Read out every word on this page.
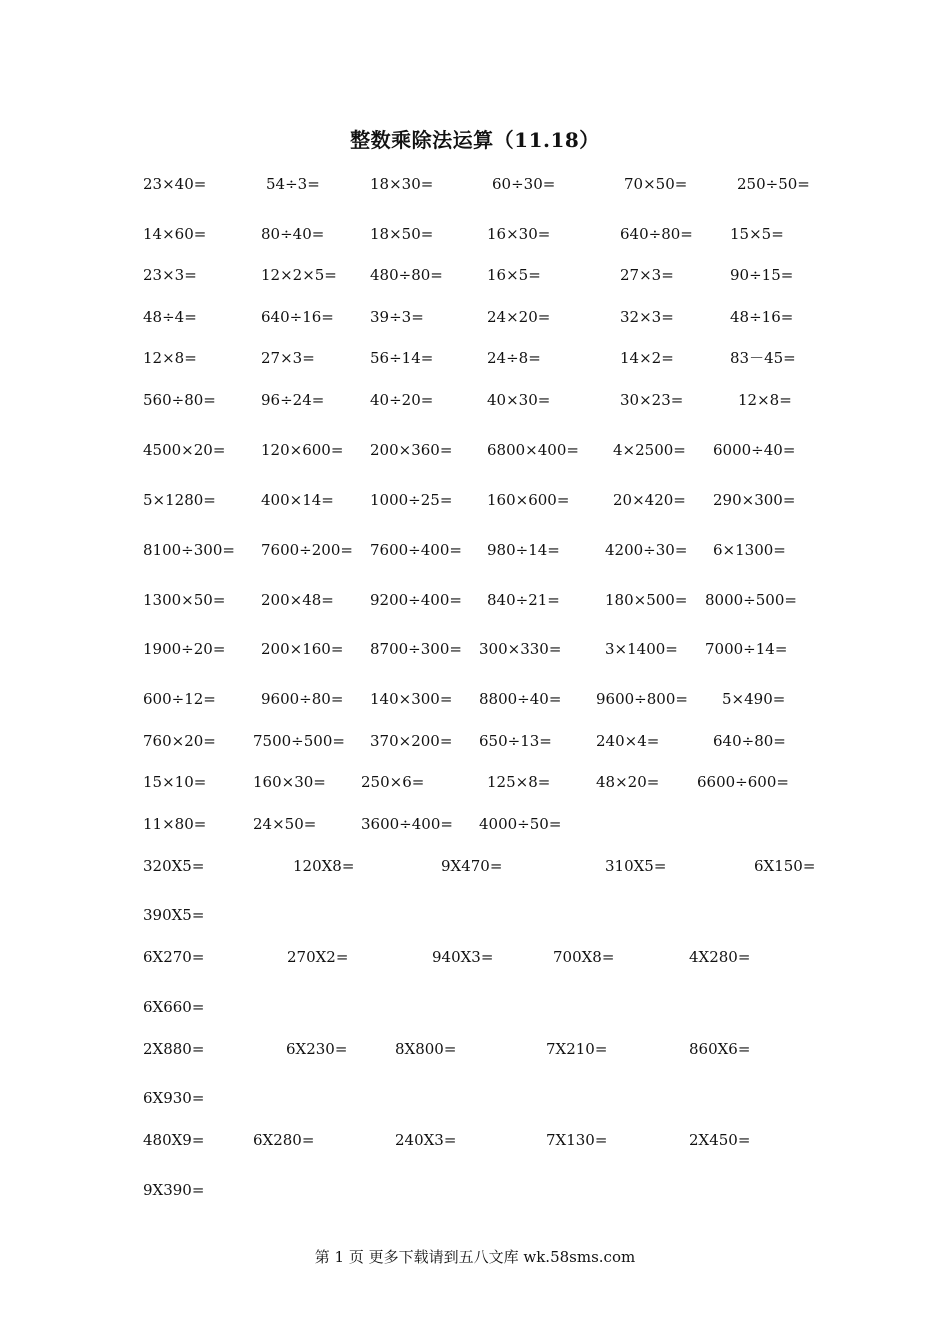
整数乘除法运算（11.18）
23×40=	54÷3=	18×30=	60÷30=	70×50=	250÷50=
14×60=	80÷40=	18×50=	16×30=	640÷80= 15×5=
23×3=	12×2×5= 480÷80=	16×5=	27×3=	90÷15=
48÷4=	640÷16= 39÷3=	24×20=	32×3=	48÷16=
12×8=	27×3=	56÷14=	24÷8=	14×2=	83－45=
560÷80=	96÷24=	40÷20=	40×30=	30×23=	12×8=
4500×20= 120×600= 200×360= 6800×400= 4×2500= 6000÷40=
5×1280=	400×14= 1000÷25= 160×600=	20×420= 290×300=
8100÷300= 7600÷200= 7600÷400= 980÷14=	4200÷30= 6×1300=
1300×50= 200×48= 9200÷400= 840÷21=	180×500= 8000÷500=
1900÷20= 200×160= 8700÷300= 300×330=	3×1400= 7000÷14=
600÷12=	9600÷80= 140×300= 8800÷40= 9600÷800= 5×490=
760×20= 7500÷500= 370×200= 650÷13=	240×4=	640÷80=
15×10=	160×30= 250×6=	125×8=	48×20=	6600÷600=
11×80=	24×50=	3600÷400= 4000÷50=
320X5=	120X8=	9X470=	310X5=	6X150=
390X5=
6X270=	270X2=	940X3=	700X8=	4X280=
6X660=
2X880=	6X230=	8X800=	7X210=	860X6=
6X930=
480X9=	6X280=	240X3=	7X130=	2X450=
9X390=
第 1 页 更多下载请到五八文库 wk.58sms.com
